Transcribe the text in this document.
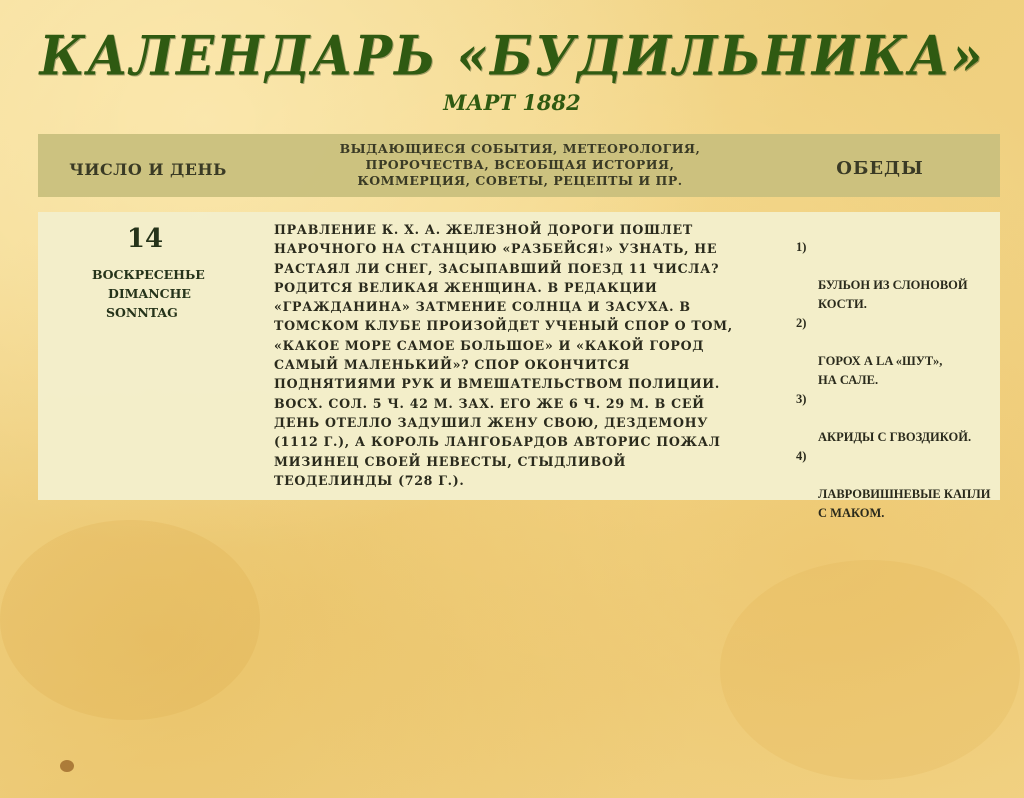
КАЛЕНДАРЬ «БУДИЛЬНИКА»
МАРТ 1882
ЧИСЛО И ДЕНЬ
ВЫДАЮЩИЕСЯ СОБЫТИЯ, МЕТЕОРОЛОГИЯ,
ПРОРОЧЕСТВА, ВСЕОБЩАЯ ИСТОРИЯ,
КОММЕРЦИЯ, СОВЕТЫ, РЕЦЕПТЫ И ПР.
ОБЕДЫ
14
ВОСКРЕСЕНЬЕ
DIMANCHE
SONNTAG
ПРАВЛЕНИЕ К. Х. А. ЖЕЛЕЗНОЙ ДОРОГИ ПОШЛЕТ
НАРОЧНОГО НА СТАНЦИЮ «РАЗБЕЙСЯ!» УЗНАТЬ, НЕ
РАСТАЯЛ ЛИ СНЕГ, ЗАСЫПАВШИЙ ПОЕЗД 11 ЧИСЛА?
РОДИТСЯ ВЕЛИКАЯ ЖЕНЩИНА. В РЕДАКЦИИ
«ГРАЖДАНИНА» ЗАТМЕНИЕ СОЛНЦА И ЗАСУХА. В
ТОМСКОМ КЛУБЕ ПРОИЗОЙДЕТ УЧЕНЫЙ СПОР О ТОМ,
«КАКОЕ МОРЕ САМОЕ БОЛЬШОЕ» И «КАКОЙ ГОРОД
САМЫЙ МАЛЕНЬКИЙ»? СПОР ОКОНЧИТСЯ
ПОДНЯТИЯМИ РУК И ВМЕШАТЕЛЬСТВОМ ПОЛИЦИИ.
ВОСХ. СОЛ. 5 Ч. 42 М. ЗАХ. ЕГО ЖЕ 6 Ч. 29 М. В СЕЙ
ДЕНЬ ОТЕЛЛО ЗАДУШИЛ ЖЕНУ СВОЮ, ДЕЗДЕМОНУ
(1112 Г.), А КОРОЛЬ ЛАНГОБАРДОВ АВТОРИС ПОЖАЛ
МИЗИНЕЦ СВОЕЙ НЕВЕСТЫ, СТЫДЛИВОЙ
ТЕОДЕЛИНДЫ (728 Г.).

1)

БУЛЬОН ИЗ СЛОНОВОЙ
КОСТИ.

2)

ГОРОХ А LA «ШУТ»,
НА САЛЕ.

3)

АКРИДЫ С ГВОЗДИКОЙ.

4)

ЛАВРОВИШНЕВЫЕ КАПЛИ
С МАКОМ.
